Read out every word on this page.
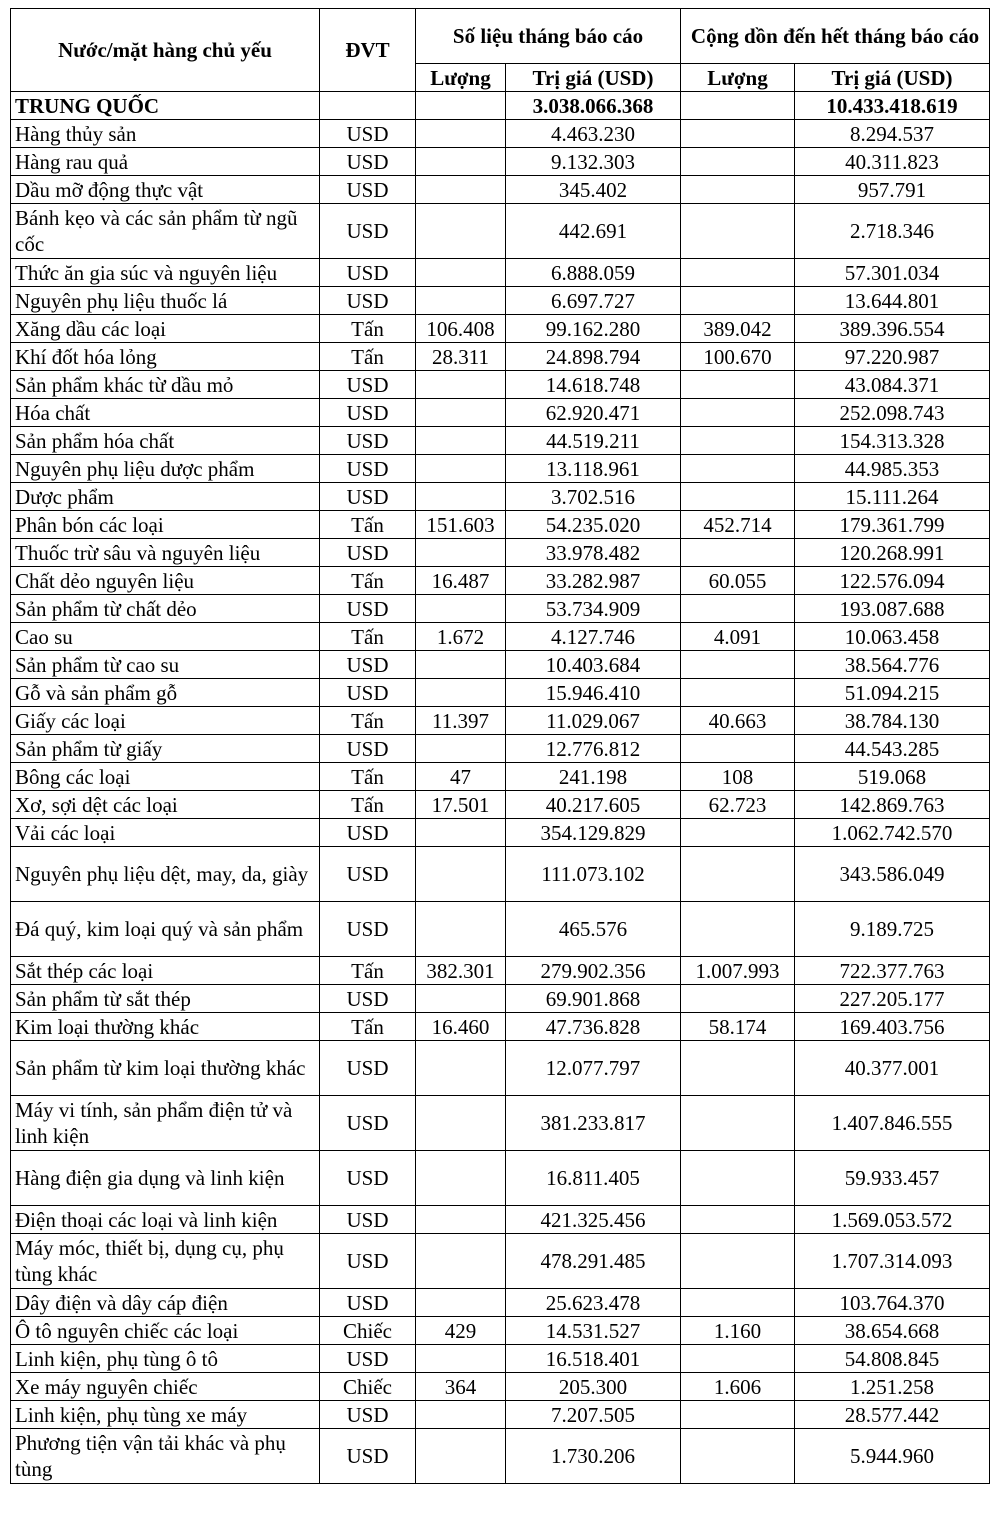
Nước/mặt hàng chủ yếu	ĐVT	Số liệu tháng báo cáo		Cộng dồn đến hết tháng báo cáo	
		Lượng	Trị giá (USD)	Lượng	Trị giá (USD)
TRUNG QUỐC			3.038.066.368		10.433.418.619
Hàng thủy sản	USD		4.463.230		8.294.537
Hàng rau quả	USD		9.132.303		40.311.823
Dầu mỡ động thực vật	USD		345.402		957.791
Bánh kẹo và các sản phẩm từ ngũ cốc	USD		442.691		2.718.346
Thức ăn gia súc và nguyên liệu	USD		6.888.059		57.301.034
Nguyên phụ liệu thuốc lá	USD		6.697.727		13.644.801
Xăng dầu các loại	Tấn	106.408	99.162.280	389.042	389.396.554
Khí đốt hóa lỏng	Tấn	28.311	24.898.794	100.670	97.220.987
Sản phẩm khác từ dầu mỏ	USD		14.618.748		43.084.371
Hóa chất	USD		62.920.471		252.098.743
Sản phẩm hóa chất	USD		44.519.211		154.313.328
Nguyên phụ liệu dược phẩm	USD		13.118.961		44.985.353
Dược phẩm	USD		3.702.516		15.111.264
Phân bón các loại	Tấn	151.603	54.235.020	452.714	179.361.799
Thuốc trừ sâu và nguyên liệu	USD		33.978.482		120.268.991
Chất dẻo nguyên liệu	Tấn	16.487	33.282.987	60.055	122.576.094
Sản phẩm từ chất dẻo	USD		53.734.909		193.087.688
Cao su	Tấn	1.672	4.127.746	4.091	10.063.458
Sản phẩm từ cao su	USD		10.403.684		38.564.776
Gỗ và sản phẩm gỗ	USD		15.946.410		51.094.215
Giấy các loại	Tấn	11.397	11.029.067	40.663	38.784.130
Sản phẩm từ giấy	USD		12.776.812		44.543.285
Bông các loại	Tấn	47	241.198	108	519.068
Xơ, sợi dệt các loại	Tấn	17.501	40.217.605	62.723	142.869.763
Vải các loại	USD		354.129.829		1.062.742.570
Nguyên phụ liệu dệt, may, da, giày	USD		111.073.102		343.586.049
Đá quý, kim loại quý và sản phẩm	USD		465.576		9.189.725
Sắt thép các loại	Tấn	382.301	279.902.356	1.007.993	722.377.763
Sản phẩm từ sắt thép	USD		69.901.868		227.205.177
Kim loại thường khác	Tấn	16.460	47.736.828	58.174	169.403.756
Sản phẩm từ kim loại thường khác	USD		12.077.797		40.377.001
Máy vi tính, sản phẩm điện tử và linh kiện	USD		381.233.817		1.407.846.555
Hàng điện gia dụng và linh kiện	USD		16.811.405		59.933.457
Điện thoại các loại và linh kiện	USD		421.325.456		1.569.053.572
Máy móc, thiết bị, dụng cụ, phụ tùng khác	USD		478.291.485		1.707.314.093
Dây điện và dây cáp điện	USD		25.623.478		103.764.370
Ô tô nguyên chiếc các loại	Chiếc	429	14.531.527	1.160	38.654.668
Linh kiện, phụ tùng ô tô	USD		16.518.401		54.808.845
Xe máy nguyên chiếc	Chiếc	364	205.300	1.606	1.251.258
Linh kiện, phụ tùng xe máy	USD		7.207.505		28.577.442
Phương tiện vận tải khác và phụ tùng	USD		1.730.206		5.944.960
